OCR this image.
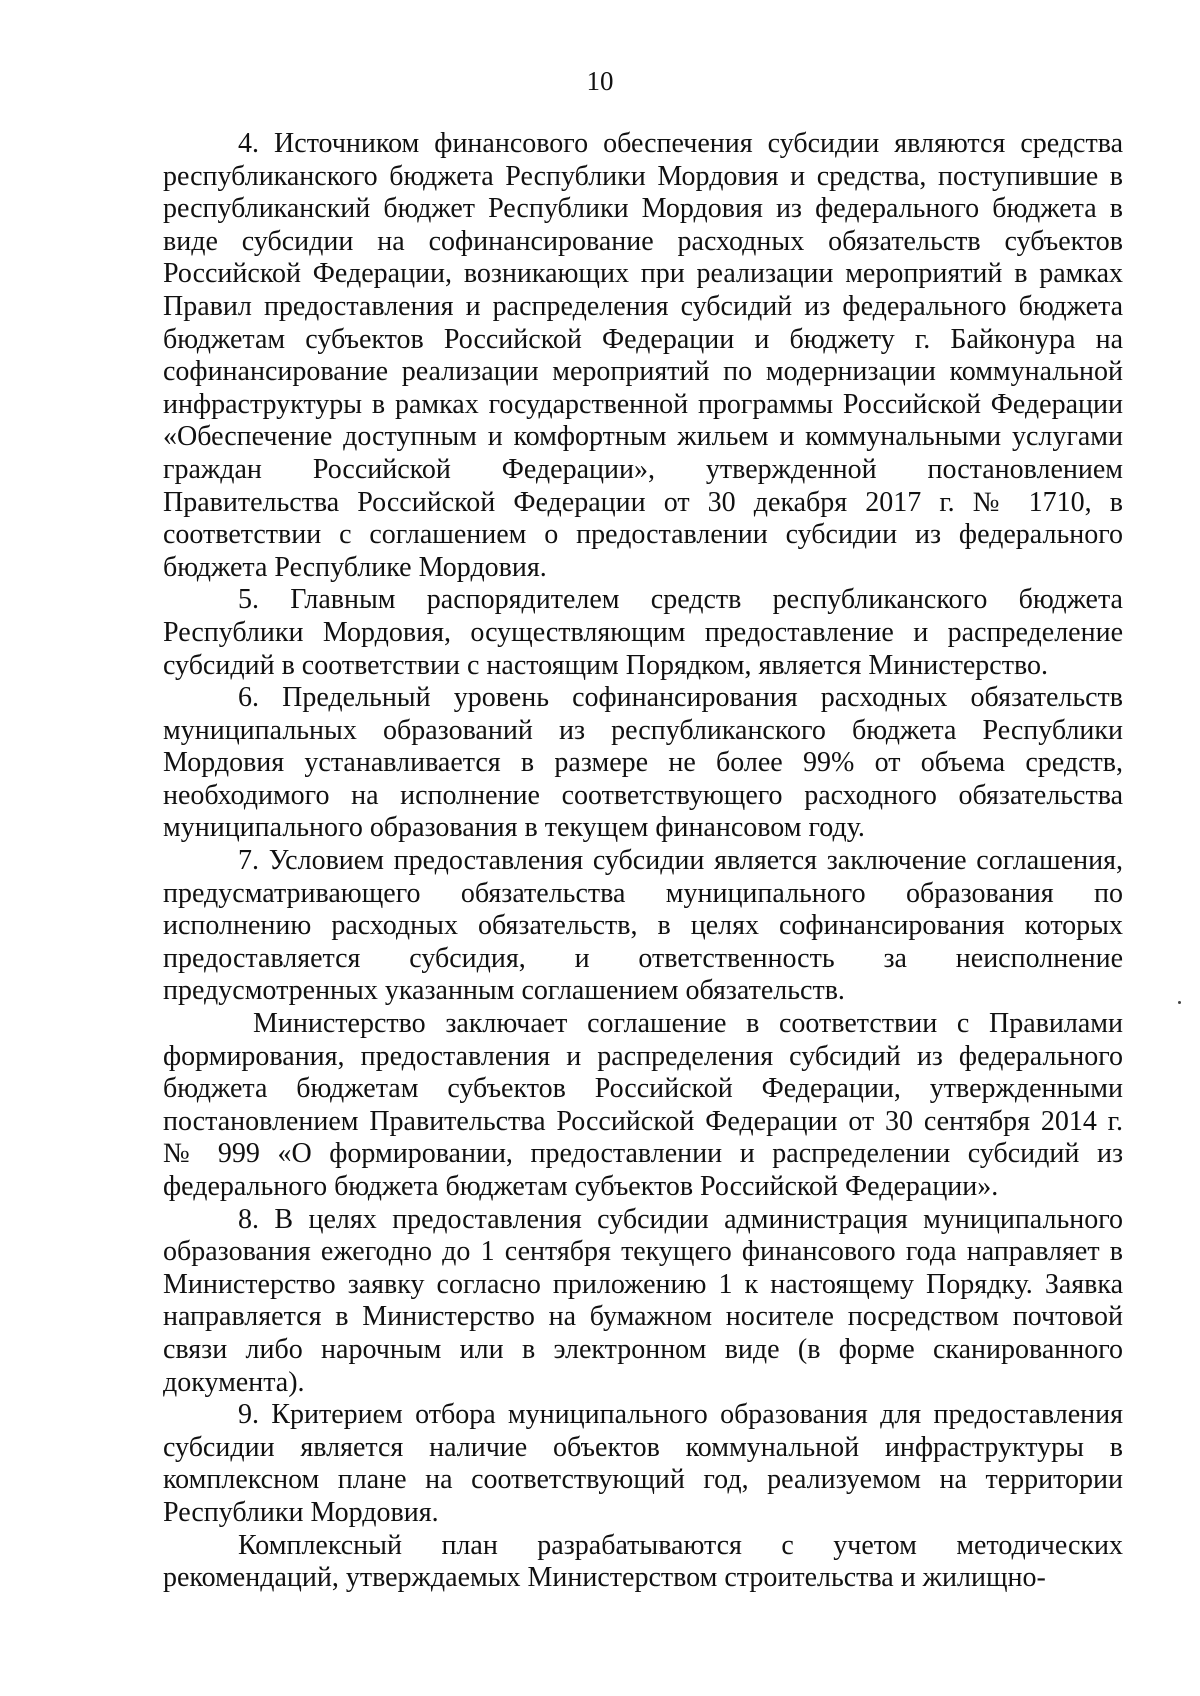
10

4. Источником финансового обеспечения субсидии являются средства республиканского бюджета Республики Мордовия и средства, поступившие в республиканский бюджет Республики Мордовия из федерального бюджета в виде субсидии на софинансирование расходных обязательств субъектов Российской Федерации, возникающих при реализации мероприятий в рамках Правил предоставления и распределения субсидий из федерального бюджета бюджетам субъектов Российской Федерации и бюджету г. Байконура на софинансирование реализации мероприятий по модернизации коммунальной инфраструктуры в рамках государственной программы Российской Федерации «Обеспечение доступным и комфортным жильем и коммунальными услугами граждан Российской Федерации», утвержденной постановлением Правительства Российской Федерации от 30 декабря 2017 г. № 1710, в соответствии с соглашением о предоставлении субсидии из федерального бюджета Республике Мордовия.

5. Главным распорядителем средств республиканского бюджета Республики Мордовия, осуществляющим предоставление и распределение субсидий в соответствии с настоящим Порядком, является Министерство.

6. Предельный уровень софинансирования расходных обязательств муниципальных образований из республиканского бюджета Республики Мордовия устанавливается в размере не более 99% от объема средств, необходимого на исполнение соответствующего расходного обязательства муниципального образования в текущем финансовом году.

7. Условием предоставления субсидии является заключение соглашения, предусматривающего обязательства муниципального образования по исполнению расходных обязательств, в целях софинансирования которых предоставляется субсидия, и ответственность за неисполнение предусмотренных указанным соглашением обязательств.

Министерство заключает соглашение в соответствии с Правилами формирования, предоставления и распределения субсидий из федерального бюджета бюджетам субъектов Российской Федерации, утвержденными постановлением Правительства Российской Федерации от 30 сентября 2014 г. № 999 «О формировании, предоставлении и распределении субсидий из федерального бюджета бюджетам субъектов Российской Федерации».

8. В целях предоставления субсидии администрация муниципального образования ежегодно до 1 сентября текущего финансового года направляет в Министерство заявку согласно приложению 1 к настоящему Порядку. Заявка направляется в Министерство на бумажном носителе посредством почтовой связи либо нарочным или в электронном виде (в форме сканированного документа).

9. Критерием отбора муниципального образования для предоставления субсидии является наличие объектов коммунальной инфраструктуры в комплексном плане на соответствующий год, реализуемом на территории Республики Мордовия.

Комплексный план разрабатываются с учетом методических рекомендаций, утверждаемых Министерством строительства и жилищно-
